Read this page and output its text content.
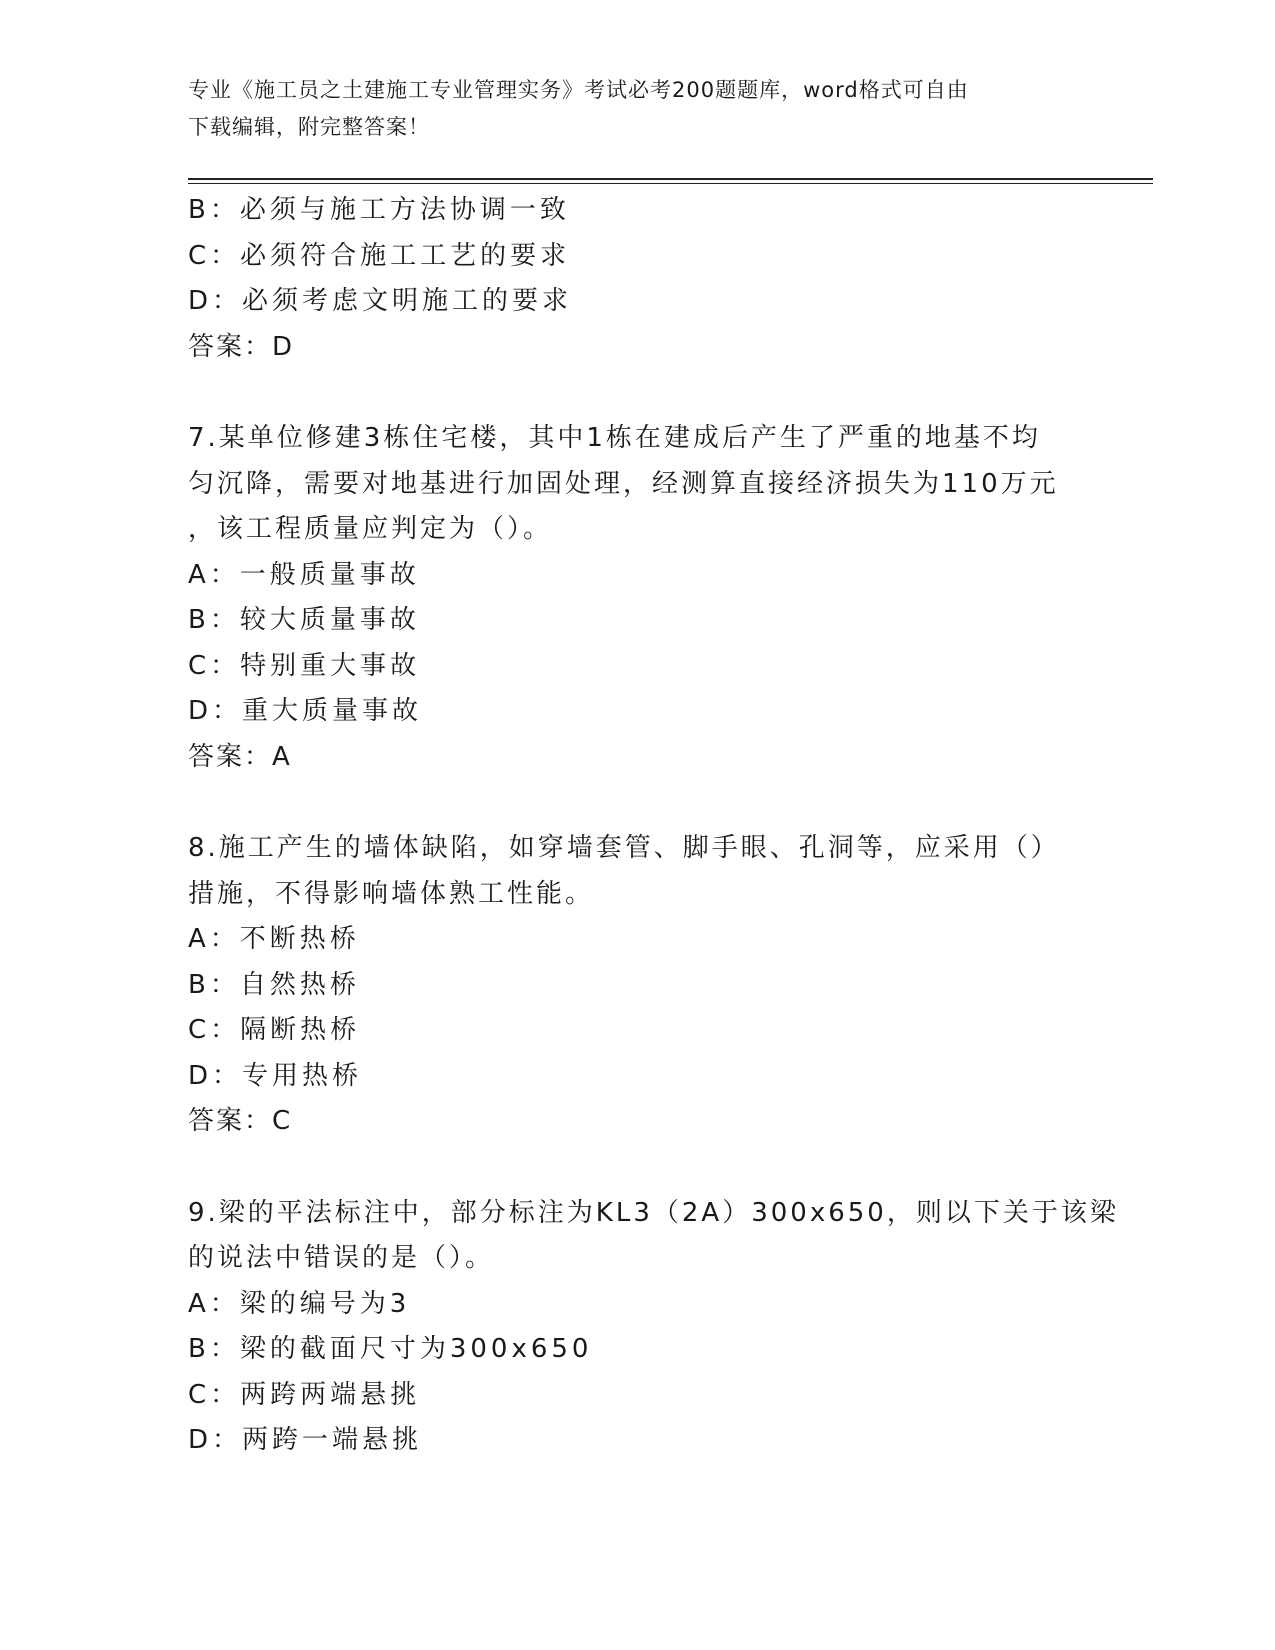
专业《施工员之土建施工专业管理实务》考试必考200题题库，word格式可自由
下载编辑，附完整答案！
B：必须与施工方法协调一致
C：必须符合施工工艺的要求
D：必须考虑文明施工的要求
答案：D
7.某单位修建3栋住宅楼，其中1栋在建成后产生了严重的地基不均
匀沉降，需要对地基进行加固处理，经测算直接经济损失为110万元
，该工程质量应判定为（）。
A：一般质量事故
B：较大质量事故
C：特别重大事故
D：重大质量事故
答案：A
8.施工产生的墙体缺陷，如穿墙套管、脚手眼、孔洞等，应采用（）
措施，不得影响墙体熟工性能。
A：不断热桥
B：自然热桥
C：隔断热桥
D：专用热桥
答案：C
9.梁的平法标注中，部分标注为KL3（2A）300x650，则以下关于该梁
的说法中错误的是（）。
A：梁的编号为3
B：梁的截面尺寸为300x650
C：两跨两端悬挑
D：两跨一端悬挑
